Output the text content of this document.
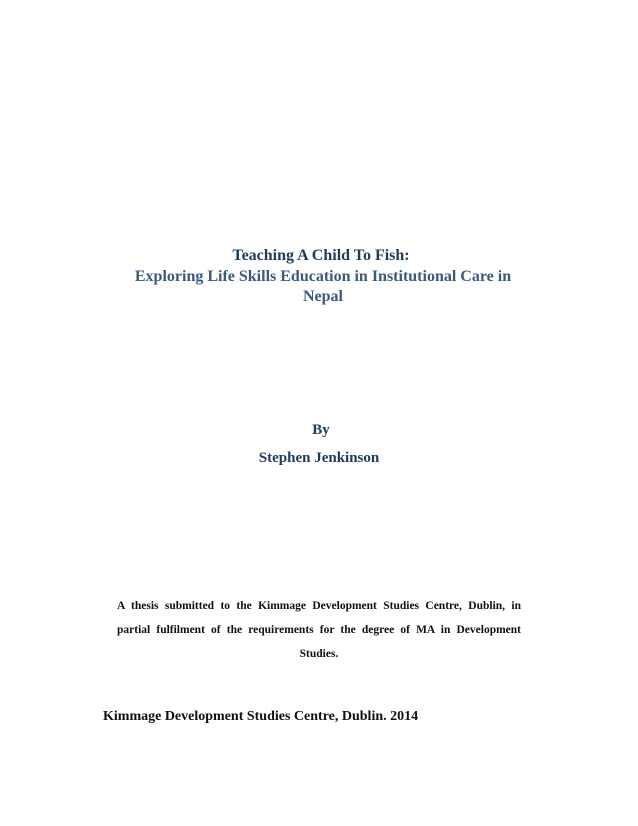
Teaching A Child To Fish:
Exploring Life Skills Education in Institutional Care in
Nepal
By
Stephen Jenkinson
A thesis submitted to the Kimmage Development Studies Centre, Dublin, in
partial fulfilment of the requirements for the degree of MA in Development
Studies.
Kimmage Development Studies Centre, Dublin. 2014
